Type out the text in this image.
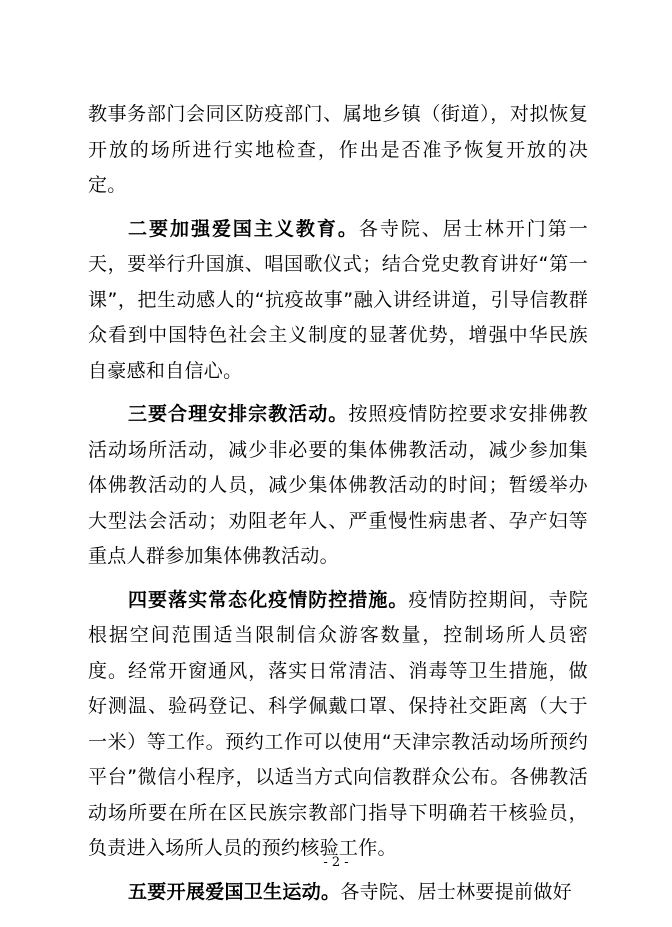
教事务部门会同区防疫部门、属地乡镇（街道），对拟恢复开放的场所进行实地检查，作出是否准予恢复开放的决定。

二要加强爱国主义教育。各寺院、居士林开门第一天，要举行升国旗、唱国歌仪式；结合党史教育讲好“第一课”，把生动感人的“抗疫故事”融入讲经讲道，引导信教群众看到中国特色社会主义制度的显著优势，增强中华民族自豪感和自信心。

三要合理安排宗教活动。按照疫情防控要求安排佛教活动场所活动，减少非必要的集体佛教活动，减少参加集体佛教活动的人员，减少集体佛教活动的时间；暂缓举办大型法会活动；劝阻老年人、严重慢性病患者、孕产妇等重点人群参加集体佛教活动。

四要落实常态化疫情防控措施。疫情防控期间，寺院根据空间范围适当限制信众游客数量，控制场所人员密度。经常开窗通风，落实日常清洁、消毒等卫生措施，做好测温、验码登记、科学佩戴口罩、保持社交距离（大于一米）等工作。预约工作可以使用“天津宗教活动场所预约平台”微信小程序，以适当方式向信教群众公布。各佛教活动场所要在所在区民族宗教部门指导下明确若干核验员，负责进入场所人员的预约核验工作。

五要开展爱国卫生运动。各寺院、居士林要提前做好

- 2 -
